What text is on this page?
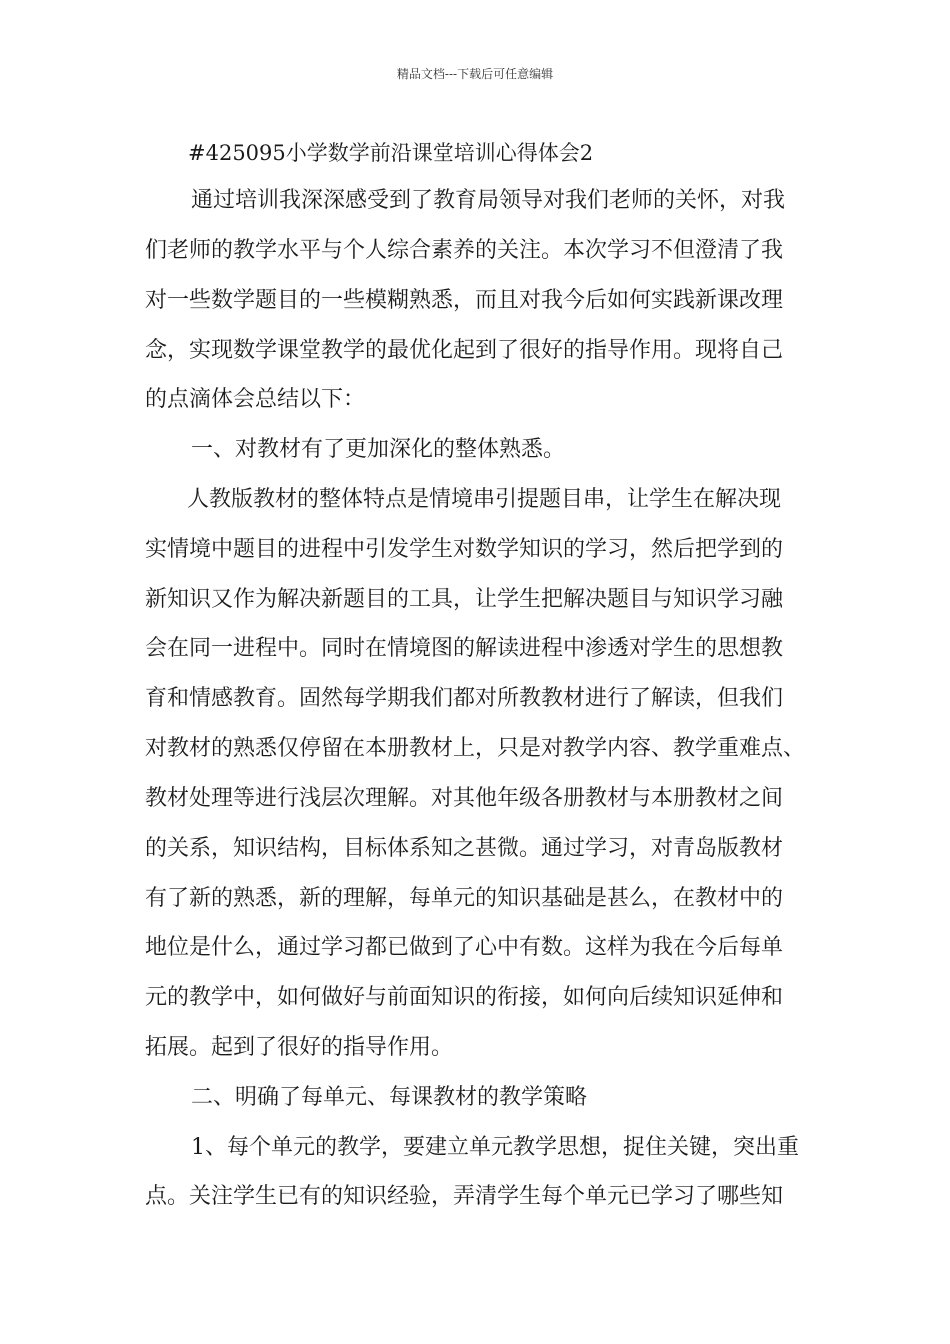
精品文档---下载后可任意编辑
#425095小学数学前沿课堂培训心得体会2
通过培训我深深感受到了教育局领导对我们老师的关怀，对我
们老师的教学水平与个人综合素养的关注。本次学习不但澄清了我
对一些数学题目的一些模糊熟悉，而且对我今后如何实践新课改理
念，实现数学课堂教学的最优化起到了很好的指导作用。现将自己
的点滴体会总结以下：
一、对教材有了更加深化的整体熟悉。
人教版教材的整体特点是情境串引提题目串，让学生在解决现
实情境中题目的进程中引发学生对数学知识的学习，然后把学到的
新知识又作为解决新题目的工具，让学生把解决题目与知识学习融
会在同一进程中。同时在情境图的解读进程中渗透对学生的思想教
育和情感教育。固然每学期我们都对所教教材进行了解读，但我们
对教材的熟悉仅停留在本册教材上，只是对教学内容、教学重难点、
教材处理等进行浅层次理解。对其他年级各册教材与本册教材之间
的关系，知识结构，目标体系知之甚微。通过学习，对青岛版教材
有了新的熟悉，新的理解，每单元的知识基础是甚么，在教材中的
地位是什么，通过学习都已做到了心中有数。这样为我在今后每单
元的教学中，如何做好与前面知识的衔接，如何向后续知识延伸和
拓展。起到了很好的指导作用。
二、明确了每单元、每课教材的教学策略
1、每个单元的教学，要建立单元教学思想，捉住关键，突出重
点。关注学生已有的知识经验，弄清学生每个单元已学习了哪些知
